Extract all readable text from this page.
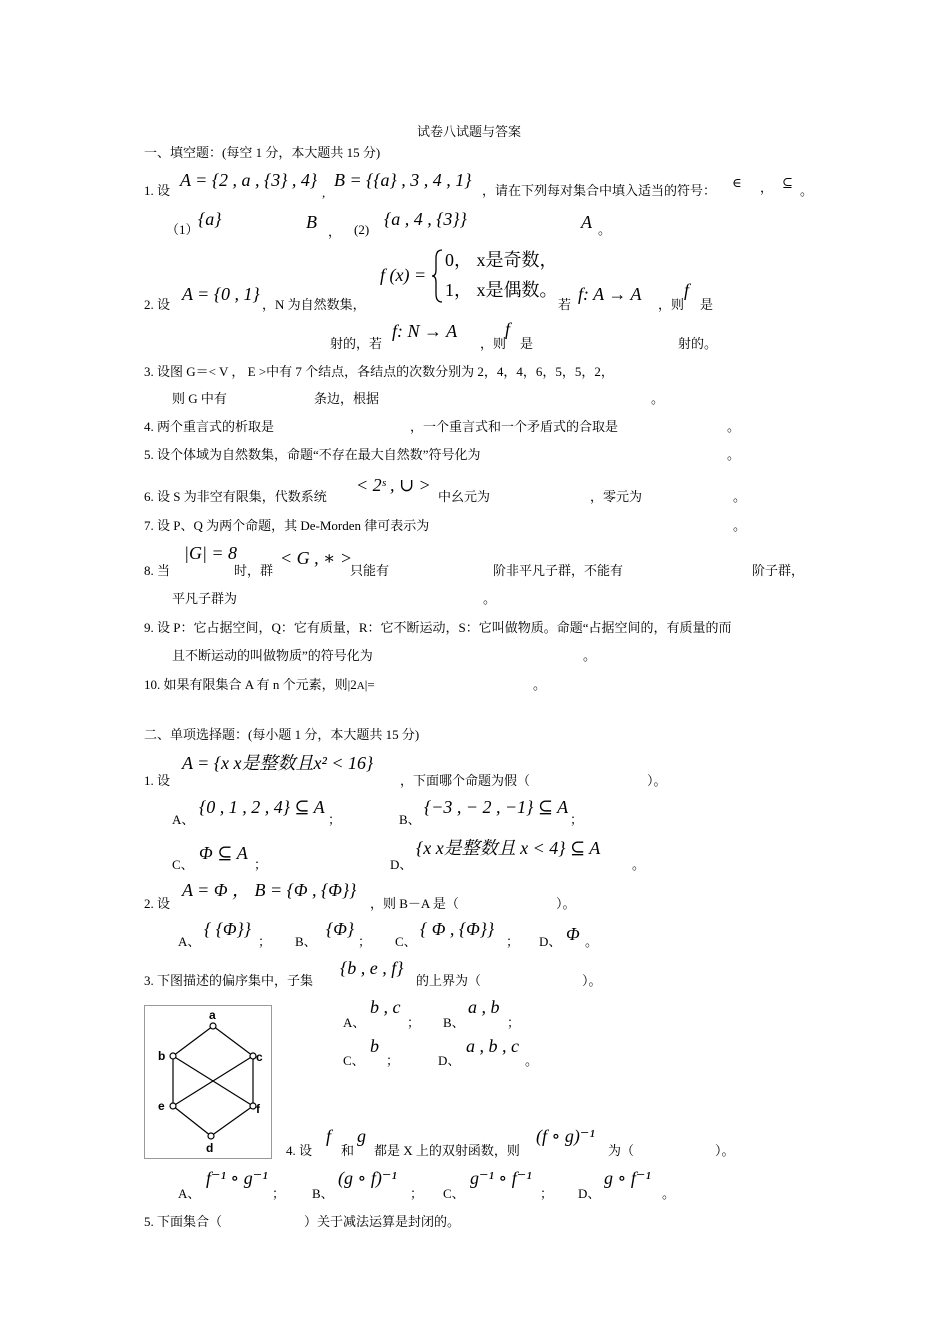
试卷八试题与答案
一、填空题：(每空 1 分，本大题共 15 分)
1. 设
A = {2 , a , {3} , 4}
,
B = {{a} , 3 , 4 , 1}
，请在下列每对集合中填入适当的符号：
∈ ， ⊆
。
（1）
{a}	B ， (2)
{a , 4 , {3}}	A 。
2. 设
A = {0 , 1}
，N 为自然数集，
f (x) =
0， x是奇数，
1， x是偶数。
若
f: A → A
，则
f
是
射的，若
f: N → A
，则
f
是	射的。
3. 设图 G＝< V ， E >中有 7 个结点，各结点的次数分别为 2，4，4，6，5，5，2，
则 G 中有	条边，根据	。
4. 两个重言式的析取是	，一个重言式和一个矛盾式的合取是	。
5. 设个体域为自然数集，命题“不存在最大自然数”符号化为	。
6. 设 S 为非空有限集，代数系统
< 2ˢ , ∪ >
中幺元为	，零元为	。
7. 设 P、Q 为两个命题，其 De-Morden 律可表示为	。
|G| = 8
8. 当	时，群
< G , ∗ >
只能有	阶非平凡子群，不能有	阶子群，
平凡子群为	。
9. 设 P：它占据空间，Q：它有质量，R：它不断运动，S：它叫做物质。命题“占据空间的，有质量的而
且不断运动的叫做物质”的符号化为	。
10. 如果有限集合 A 有 n 个元素，则|2A|=	。
二、单项选择题：(每小题 1 分，本大题共 15 分)
A = {x x是整数且x² < 16}
1. 设	，下面哪个命题为假（	）。
A、
{0 , 1 , 2 , 4} ⊆ A
；	B、
{−3 , − 2 , −1} ⊆ A
；
C、
Φ ⊆ A
；	D、
{x x是整数且 x < 4} ⊆ A
。
2. 设
A = Φ ， B = {Φ , {Φ}}
，则 B－A 是（	）。
A、
{ {Φ}}
； B、
{Φ}
； C、
{ Φ , {Φ}}
； D、 Φ 。
3. 下图描述的偏序集中，子集
{b , e , f}
的上界为（	）。
a
b	c
e	f
d
A、
b , c
； B、
a , b
；
C、
b
；	D、
a , b , c
。
4. 设
f
和
g
都是 X 上的双射函数，则
(f ∘ g)⁻¹
为（	）。
A、
f⁻¹ ∘ g⁻¹
； B、
(g ∘ f)⁻¹
； C、
g⁻¹ ∘ f⁻¹
； D、
g ∘ f⁻¹
。
5. 下面集合（	）关于减法运算是封闭的。
